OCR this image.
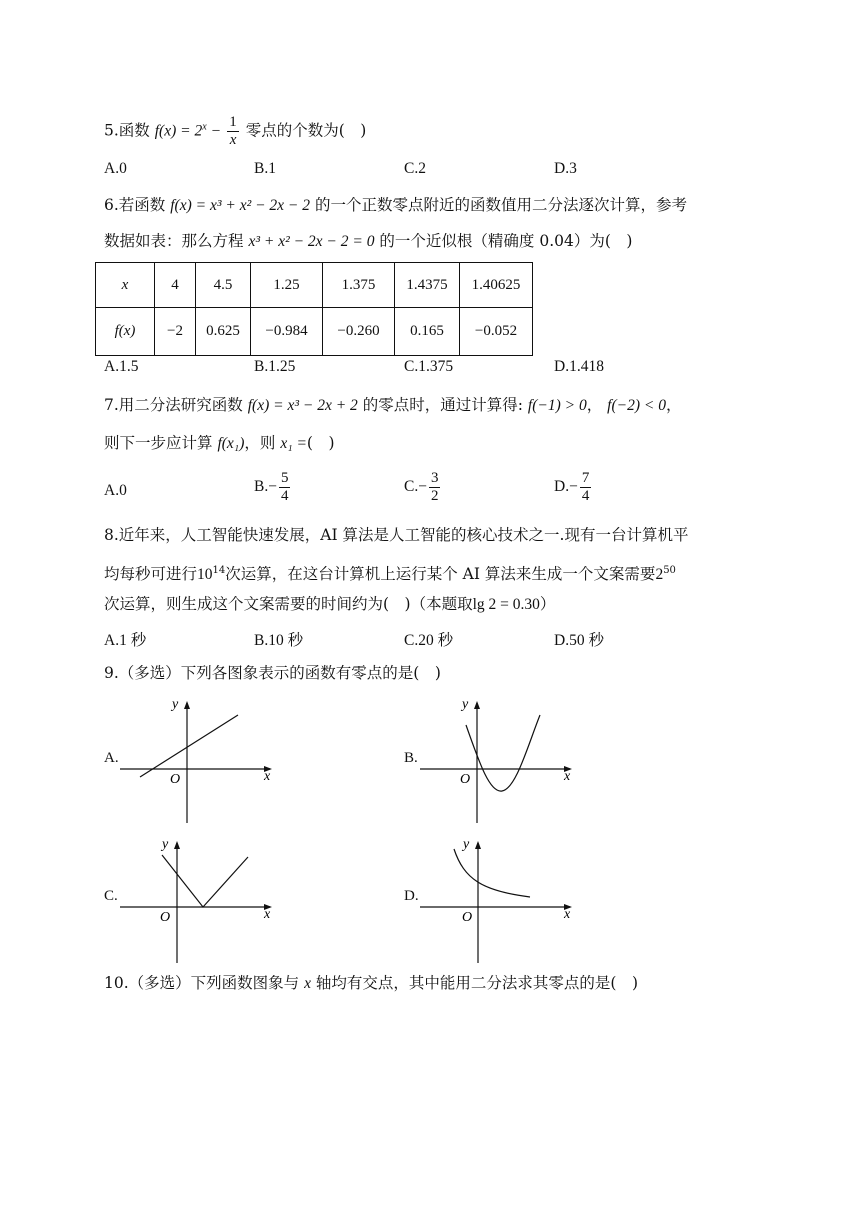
5.函数 $f(x) = 2^x - \frac{1}{x}$ 零点的个数为(　)
A.0	B.1	C.2	D.3
6.若函数 f(x) = x³ + x² − 2x − 2 的一个正数零点附近的函数值用二分法逐次计算，参考
数据如表：那么方程 x³ + x² − 2x − 2 = 0 的一个近似根（精确度 0.04）为(　)
x	4	4.5	1.25	1.375	1.4375	1.40625
f(x)	−2	0.625	−0.984	−0.260	0.165	−0.052
A.1.5	B.1.25	C.1.375	D.1.418
7.用二分法研究函数 f(x) = x³ − 2x + 2 的零点时，通过计算得: f(−1) > 0， f(−2) < 0，
则下一步应计算 f(x₁)，则 x₁ =(　)
A.0	$B.- \frac{5}{4}$	$C.- \frac{3}{2}$	$D.- \frac{7}{4}$
8.近年来，人工智能快速发展，AI 算法是人工智能的核心技术之一.现有一台计算机平
均每秒可进行$10^{14}$次运算，在这台计算机上运行某个 AI 算法来生成一个文案需要$2^{50}$
次运算，则生成这个文案需要的时间约为(　)（本题取lg 2 = 0.30）
A.1 秒	B.10 秒	C.20 秒	D.50 秒
9.（多选）下列各图象表示的函数有零点的是(　)
A.	B.
C.	D.
y
x
O
y
x
O
y
x
O
y
x
O
10.（多选）下列函数图象与 x 轴均有交点，其中能用二分法求其零点的是(　)
